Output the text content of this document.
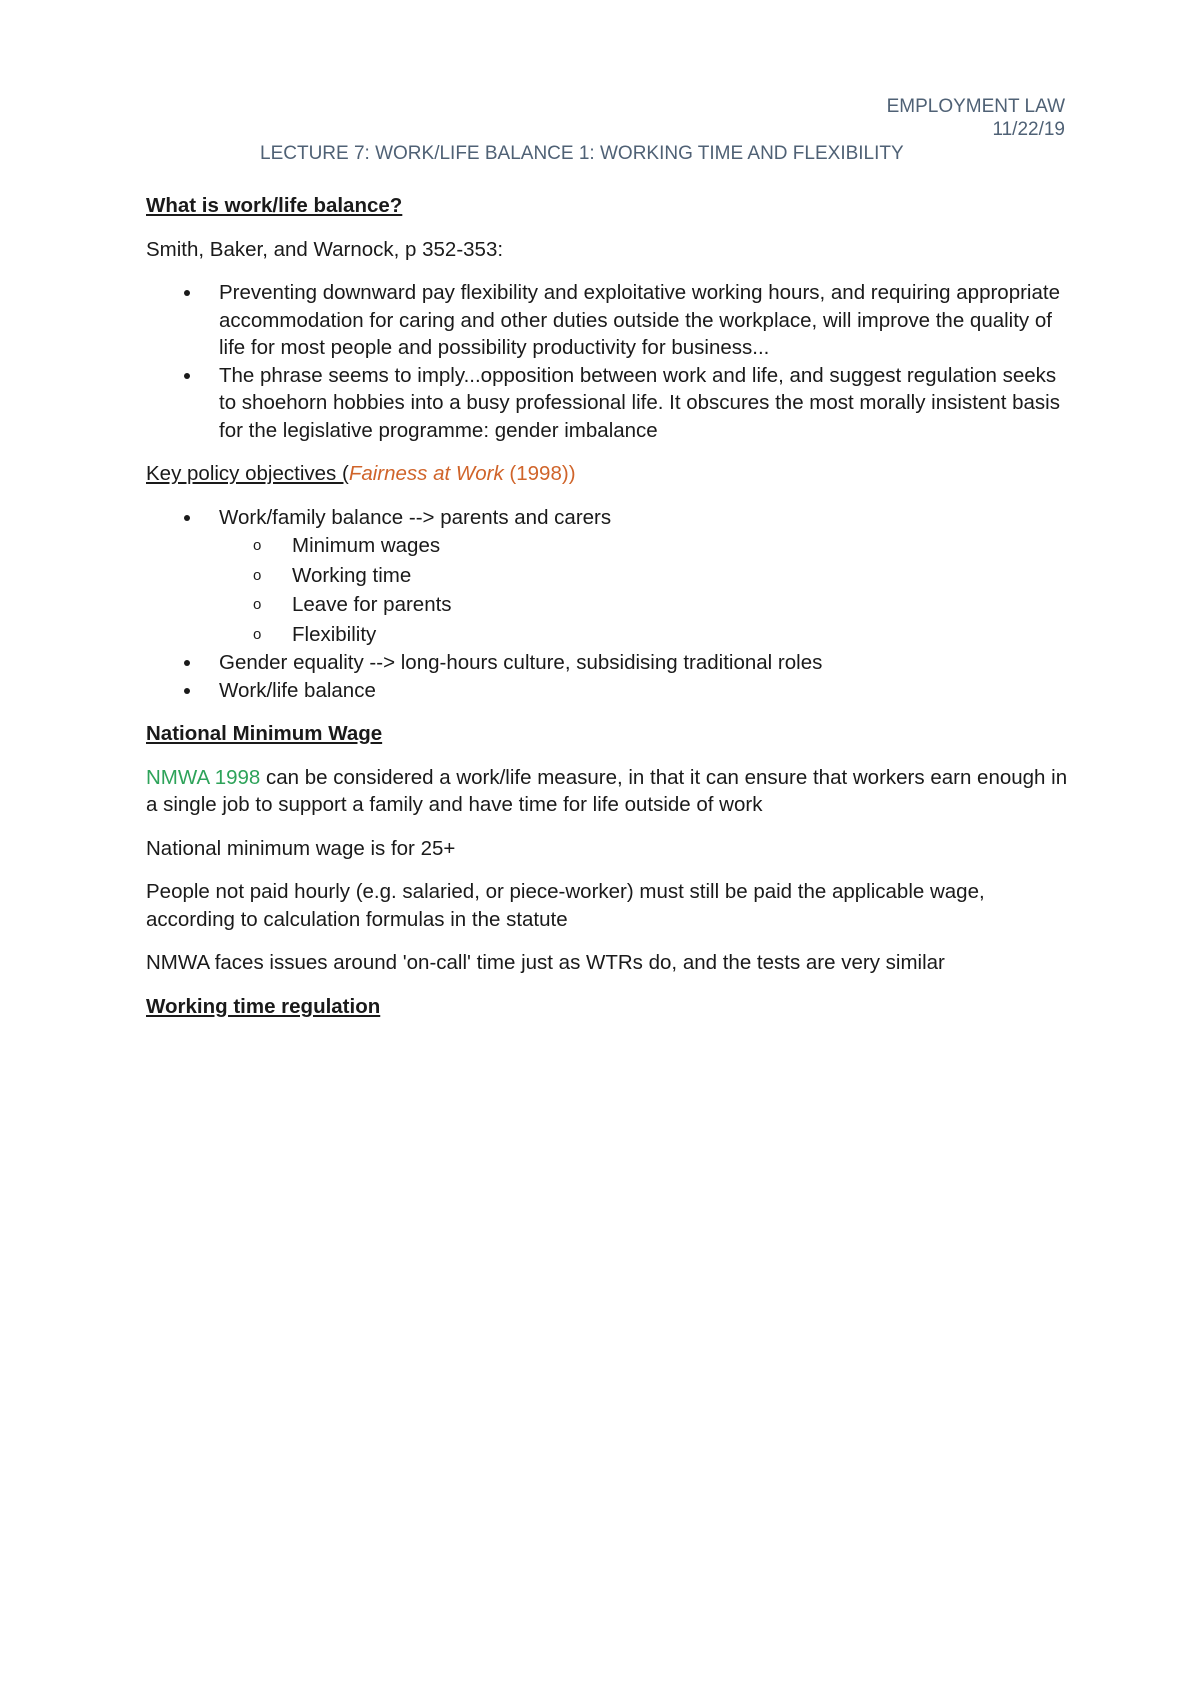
EMPLOYMENT LAW
11/22/19
LECTURE 7: WORK/LIFE BALANCE 1: WORKING TIME AND FLEXIBILITY

What is work/life balance?

Smith, Baker, and Warnock, p 352-353:

Preventing downward pay flexibility and exploitative working hours, and requiring appropriate accommodation for caring and other duties outside the workplace, will improve the quality of life for most people and possibility productivity for business...
The phrase seems to imply...opposition between work and life, and suggest regulation seeks to shoehorn hobbies into a busy professional life. It obscures the most morally insistent basis for the legislative programme: gender imbalance

Key policy objectives (Fairness at Work (1998))

Work/family balance --> parents and carers
o Minimum wages
o Working time
o Leave for parents
o Flexibility
Gender equality --> long-hours culture, subsidising traditional roles
Work/life balance

National Minimum Wage

NMWA 1998 can be considered a work/life measure, in that it can ensure that workers earn enough in a single job to support a family and have time for life outside of work

National minimum wage is for 25+

People not paid hourly (e.g. salaried, or piece-worker) must still be paid the applicable wage, according to calculation formulas in the statute

NMWA faces issues around 'on-call' time just as WTRs do, and the tests are very similar

Working time regulation
